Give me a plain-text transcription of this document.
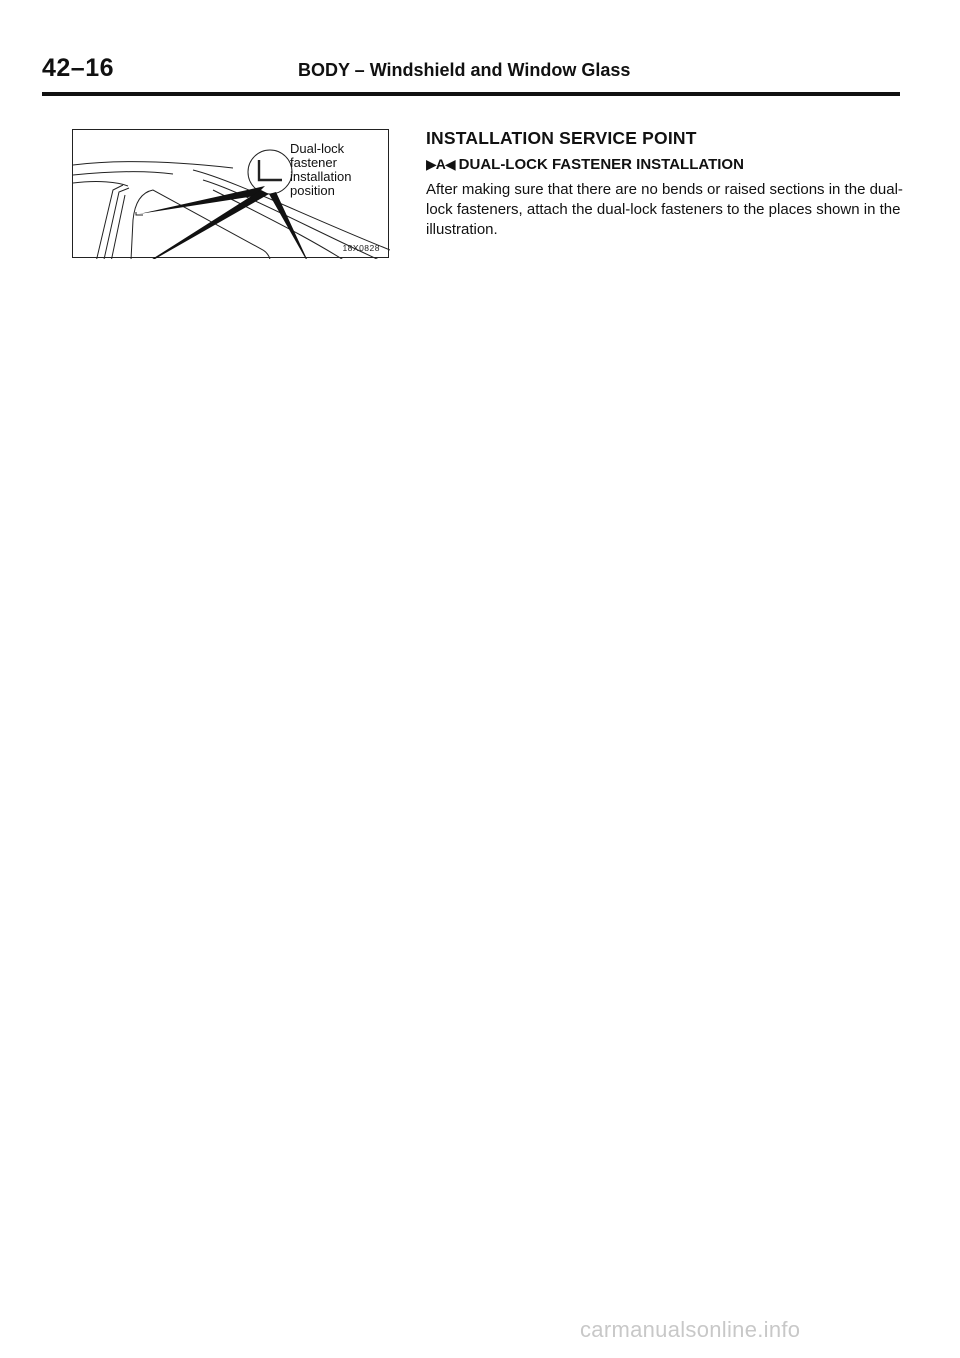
42–16	BODY – Windshield and Window Glass
Dual-lock
fastener
installation
position
18X0828
INSTALLATION SERVICE POINT
▶A◀ DUAL-LOCK FASTENER INSTALLATION

After making sure that there are no bends or raised sections in the dual-lock fasteners, attach the dual-lock fasteners to the places shown in the illustration.

carmanualsonline.info
